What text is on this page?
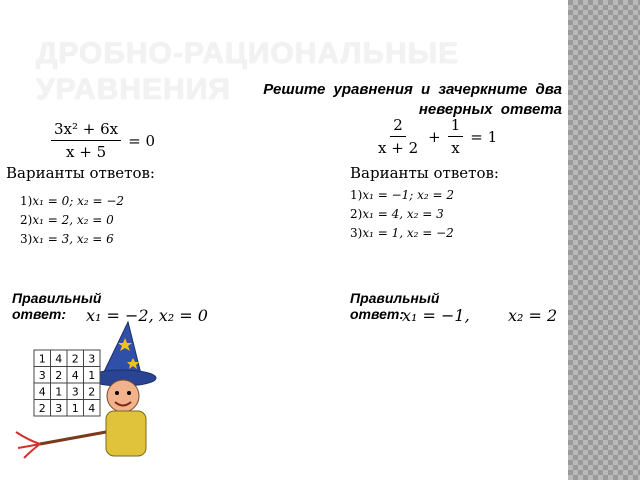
ДРОБНО-РАЦИОНАЛЬНЫЕ УРАВНЕНИЯ	Решите уравнения и зачеркните два неверных ответа

$\frac{\text{3x² + 6x}}{x + 5} = 0$	$\frac{2}{x + 2} + \frac{1}{x} = 1$
Варианты ответов:	Варианты ответов:
1)x₁ = 0; x₂ = −2
2)x₁ = 2, x₂ = 0
3)x₁ = 3, x₂ = 6
1)x₁ = −1; x₂ = 2
2)x₁ = 4, x₂ = 3
3)x₁ = 1, x₂ = −2

Правильный ответ:	x₁ = −2, x₂ = 0

Правильный ответ:

x₁ = −1, x₂ = 2
1 4 2 3
3 2 4 1
4 1 3 2
2 3 1 4
